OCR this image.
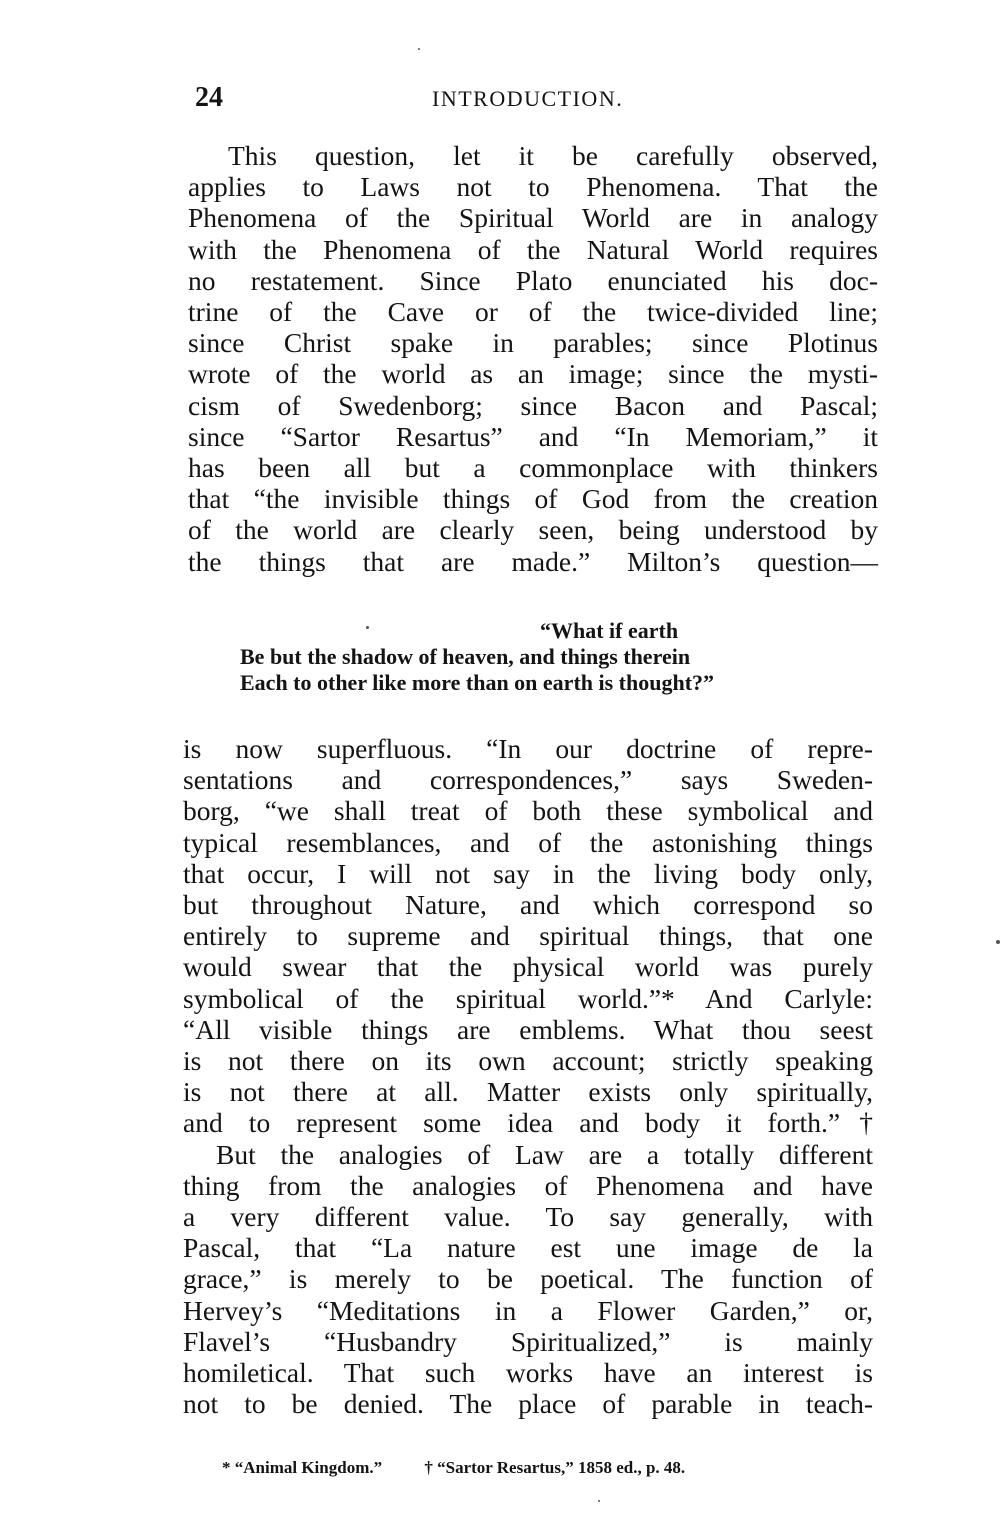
24	INTRODUCTION.
This question, let it be carefully observed,
applies to Laws not to Phenomena. That the
Phenomena of the Spiritual World are in analogy
with the Phenomena of the Natural World requires
no restatement. Since Plato enunciated his doc-
trine of the Cave or of the twice-divided line;
since Christ spake in parables; since Plotinus
wrote of the world as an image; since the mysti-
cism of Swedenborg; since Bacon and Pascal;
since “Sartor Resartus” and “In Memoriam,” it
has been all but a commonplace with thinkers
that “the invisible things of God from the creation
of the world are clearly seen, being understood by
the things that are made.” Milton’s question—
“What if earth
Be but the shadow of heaven, and things therein
Each to other like more than on earth is thought?”
is now superfluous. “In our doctrine of repre-
sentations and correspondences,” says Sweden-
borg, “we shall treat of both these symbolical and
typical resemblances, and of the astonishing things
that occur, I will not say in the living body only,
but throughout Nature, and which correspond so
entirely to supreme and spiritual things, that one
would swear that the physical world was purely
symbolical of the spiritual world.”* And Carlyle:
“All visible things are emblems. What thou seest
is not there on its own account; strictly speaking
is not there at all. Matter exists only spiritually,
and to represent some idea and body it forth.”†
But the analogies of Law are a totally different
thing from the analogies of Phenomena and have
a very different value. To say generally, with
Pascal, that “La nature est une image de la
grace,” is merely to be poetical. The function of
Hervey’s “Meditations in a Flower Garden,” or,
Flavel’s “Husbandry Spiritualized,” is mainly
homiletical. That such works have an interest is
not to be denied. The place of parable in teach-
* “Animal Kingdom.” † “Sartor Resartus,” 1858 ed., p. 48.
